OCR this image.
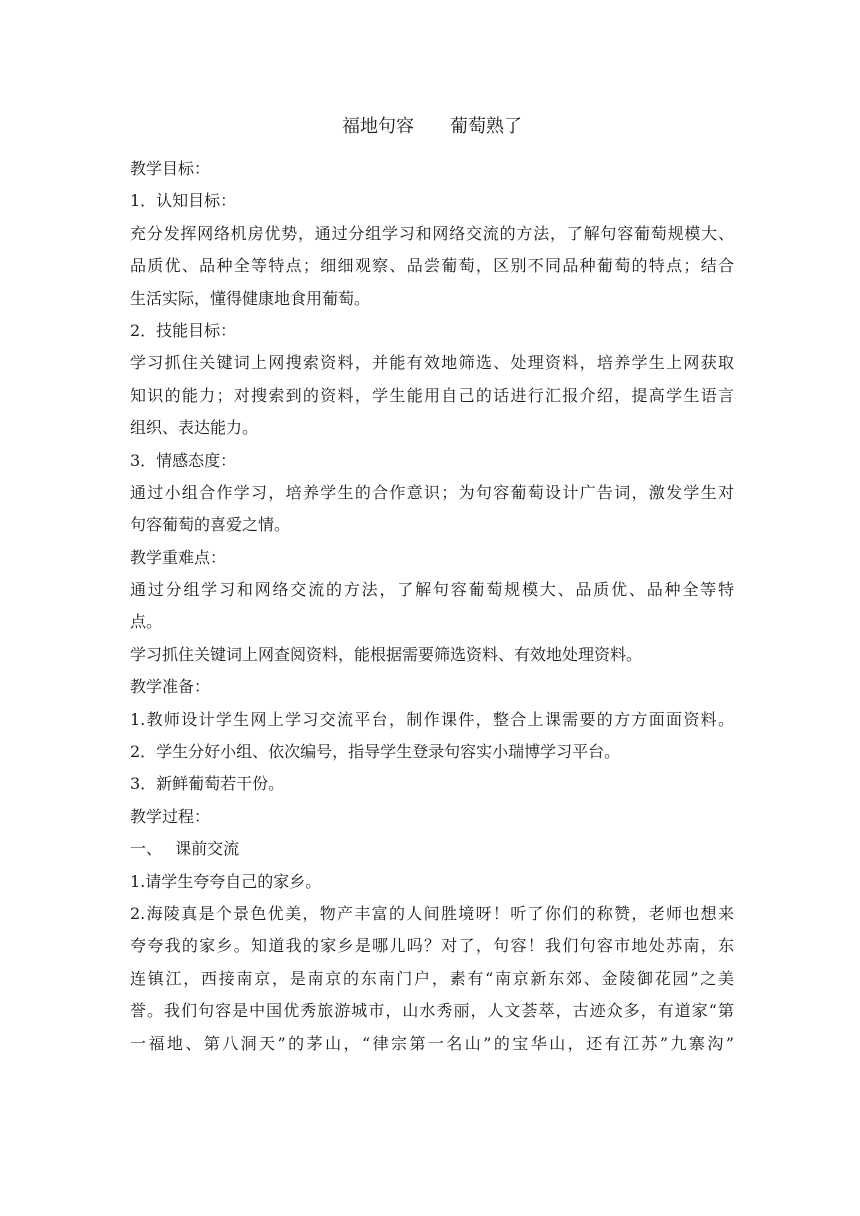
福地句容　　葡萄熟了
教学目标：
1．认知目标：
充分发挥网络机房优势，通过分组学习和网络交流的方法，了解句容葡萄规模大、
品质优、品种全等特点；细细观察、品尝葡萄，区别不同品种葡萄的特点；结合
生活实际，懂得健康地食用葡萄。
2．技能目标：
学习抓住关键词上网搜索资料，并能有效地筛选、处理资料，培养学生上网获取
知识的能力；对搜索到的资料，学生能用自己的话进行汇报介绍，提高学生语言
组织、表达能力。
3．情感态度：
通过小组合作学习，培养学生的合作意识；为句容葡萄设计广告词，激发学生对
句容葡萄的喜爱之情。
教学重难点：
通过分组学习和网络交流的方法，了解句容葡萄规模大、品质优、品种全等特
点。
学习抓住关键词上网查阅资料，能根据需要筛选资料、有效地处理资料。
教学准备：
1.教师设计学生网上学习交流平台，制作课件，整合上课需要的方方面面资料。
2．学生分好小组、依次编号，指导学生登录句容实小瑞博学习平台。
3．新鲜葡萄若干份。
教学过程：
一、　 课前交流
1.请学生夸夸自己的家乡。
2.海陵真是个景色优美，物产丰富的人间胜境呀！听了你们的称赞，老师也想来
夸夸我的家乡。知道我的家乡是哪儿吗？对了，句容！我们句容市地处苏南，东
连镇江，西接南京，是南京的东南门户，素有“南京新东郊、金陵御花园”之美
誉。我们句容是中国优秀旅游城市，山水秀丽，人文荟萃，古迹众多，有道家“第
一福地、第八洞天”的茅山，“律宗第一名山”的宝华山，还有江苏”九寨沟”
